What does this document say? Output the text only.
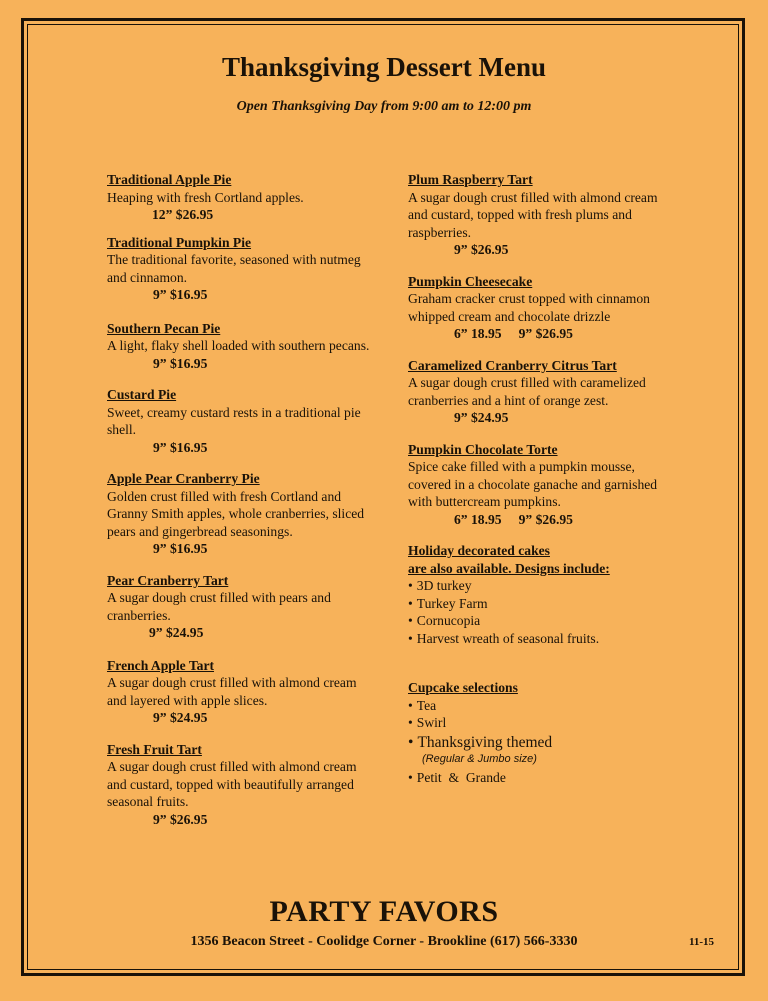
Thanksgiving Dessert Menu
Open Thanksgiving Day from 9:00 am to 12:00 pm
Traditional Apple Pie
Heaping with fresh Cortland apples.
12” $26.95
Traditional Pumpkin Pie
The traditional favorite, seasoned with nutmeg and cinnamon.
9” $16.95
Southern Pecan Pie
A light, flaky shell loaded with southern pecans.
9” $16.95
Custard Pie
Sweet, creamy custard rests in a traditional pie shell.
9” $16.95
Apple Pear Cranberry Pie
Golden crust filled with fresh Cortland and Granny Smith apples, whole cranberries, sliced pears and gingerbread seasonings.
9” $16.95
Pear Cranberry Tart
A sugar dough crust filled with pears and cranberries.
9” $24.95
French Apple Tart
A sugar dough crust filled with almond cream and layered with apple slices.
9” $24.95
Fresh Fruit Tart
A sugar dough crust filled with almond cream and custard, topped with beautifully arranged seasonal fruits.
9” $26.95
Plum Raspberry Tart
A sugar dough crust filled with almond cream and custard, topped with fresh plums and raspberries.
9” $26.95
Pumpkin Cheesecake
Graham cracker crust topped with cinnamon whipped cream and chocolate drizzle
6” 18.95     9” $26.95
Caramelized Cranberry Citrus Tart
A sugar dough crust filled with caramelized cranberries and a hint of orange zest.
9” $24.95
Pumpkin Chocolate Torte
Spice cake filled with a pumpkin mousse, covered in a chocolate ganache and garnished with buttercream pumpkins.
6” 18.95     9” $26.95
Holiday decorated cakes
are also available. Designs include:
• 3D turkey
• Turkey Farm
• Cornucopia
• Harvest wreath of seasonal fruits.
Cupcake selections
• Tea
• Swirl
• Thanksgiving themed
(Regular & Jumbo size)
• Petit  &  Grande
PARTY FAVORS
1356 Beacon Street - Coolidge Corner - Brookline (617) 566-3330	11-15
